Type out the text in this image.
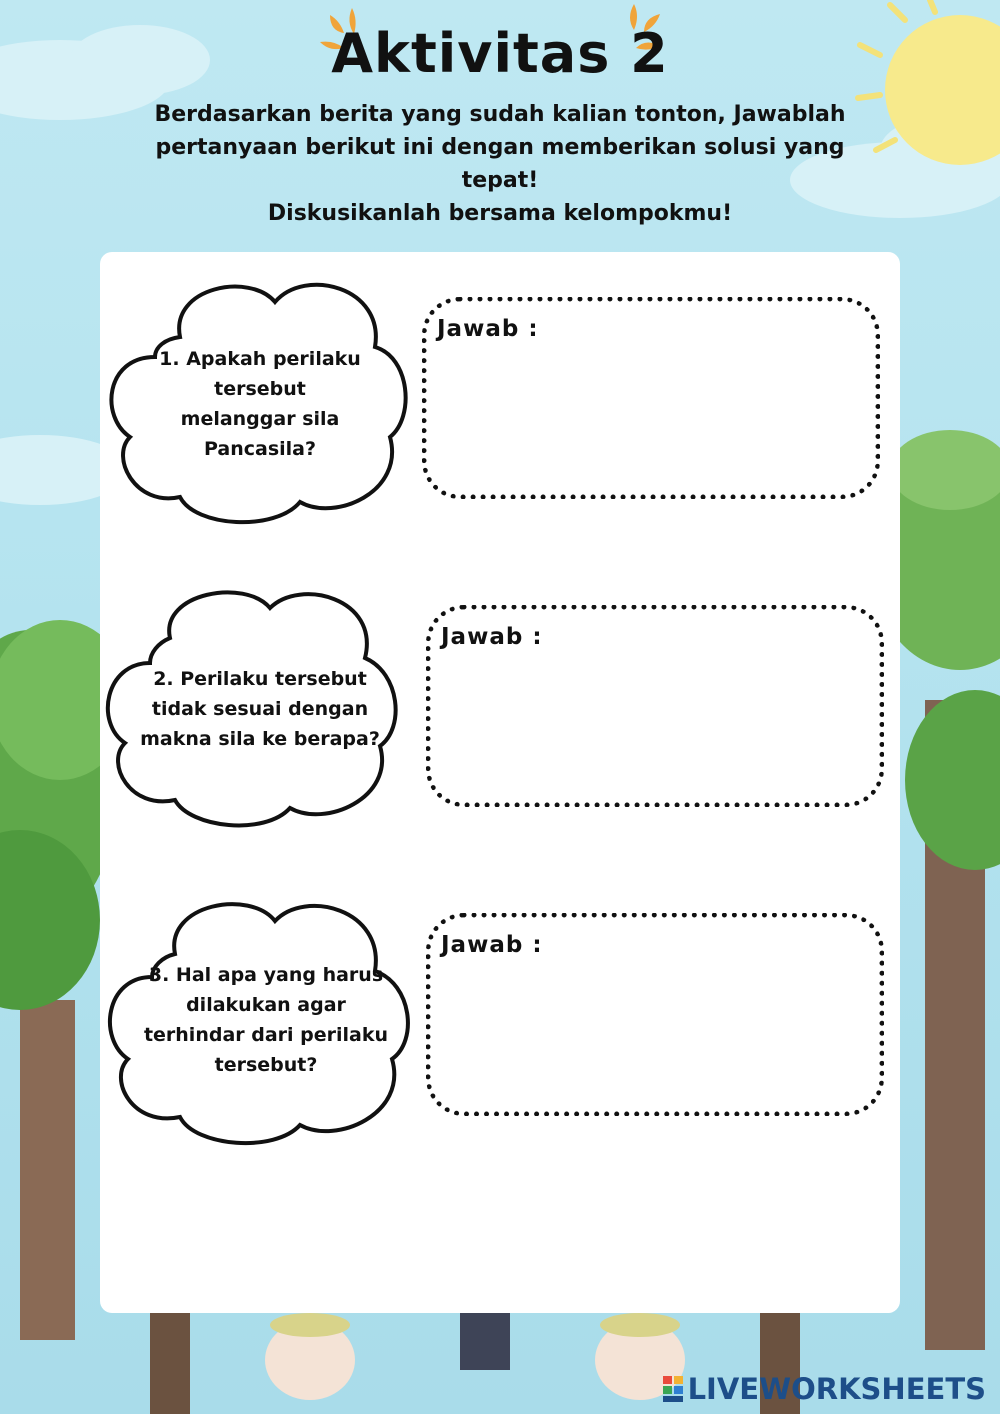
Aktivitas 2
Berdasarkan berita yang sudah kalian tonton, Jawablah
pertanyaan berikut ini dengan memberikan solusi yang
tepat!
Diskusikanlah bersama kelompokmu!
1. Apakah perilaku
tersebut
melanggar sila
Pancasila?
Jawab :
2. Perilaku tersebut
tidak sesuai dengan
makna sila ke berapa?
Jawab :
3. Hal apa yang harus
dilakukan agar
terhindar dari perilaku
tersebut?
Jawab :
LIVEWORKSHEETS
